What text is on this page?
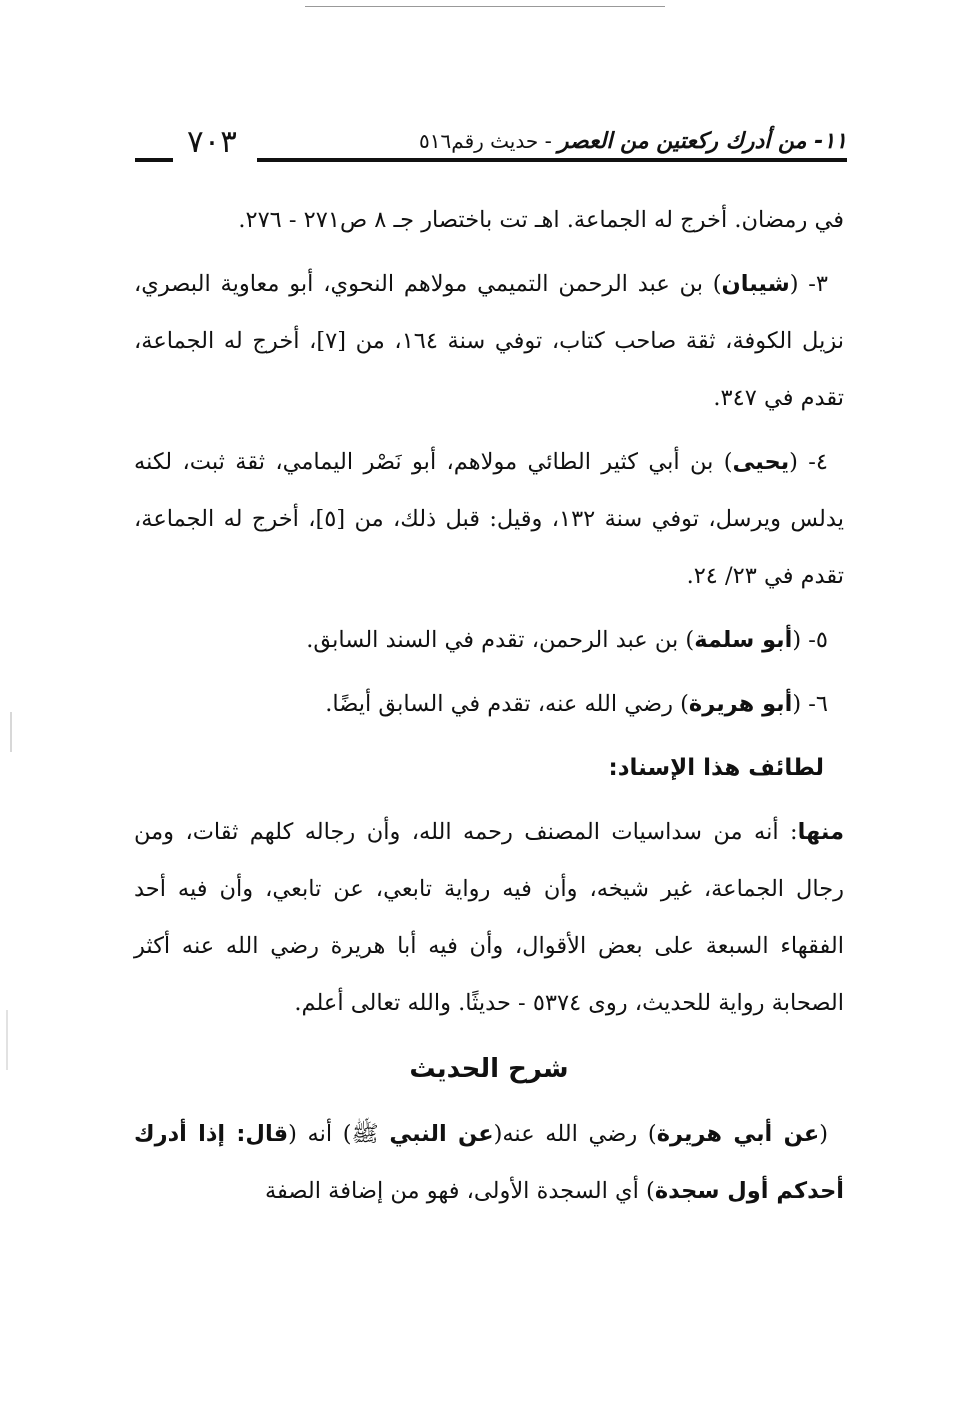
٧٠٣	١١- من أدرك ركعتين من العصر- حديث رقم٥١٦

في رمضان. أخرج له الجماعة. اهـ تت باختصار جـ ٨ ص٢٧١ - ٢٧٦.

٣- (شيبان) بن عبد الرحمن التميمي مولاهم النحوي، أبو معاوية البصري، نزيل الكوفة، ثقة صاحب كتاب، توفي سنة ١٦٤، من [٧]، أخرج له الجماعة، تقدم في ٣٤٧.

٤- (يحيى) بن أبي كثير الطائي مولاهم، أبو نَصْر اليمامي، ثقة ثبت، لكنه يدلس ويرسل، توفي سنة ١٣٢، وقيل: قبل ذلك، من [٥]، أخرج له الجماعة، تقدم في ٢٣/ ٢٤.

٥- (أبو سلمة) بن عبد الرحمن، تقدم في السند السابق.

٦- (أبو هريرة) رضي الله عنه، تقدم في السابق أيضًا.

لطائف هذا الإسناد:

منها: أنه من سداسيات المصنف رحمه الله، وأن رجاله كلهم ثقات، ومن رجال الجماعة، غير شيخه، وأن فيه رواية تابعي، عن تابعي، وأن فيه أحد الفقهاء السبعة على بعض الأقوال، وأن فيه أبا هريرة رضي الله عنه أكثر الصحابة رواية للحديث، روى ٥٣٧٤ - حديثًا. والله تعالى أعلم.

شرح الحديث

(عن أبي هريرة) رضي الله عنه(عن النبي ﷺ) أنه (قال: إذا أدرك أحدكم أول سجدة) أي السجدة الأولى، فهو من إضافة الصفة
